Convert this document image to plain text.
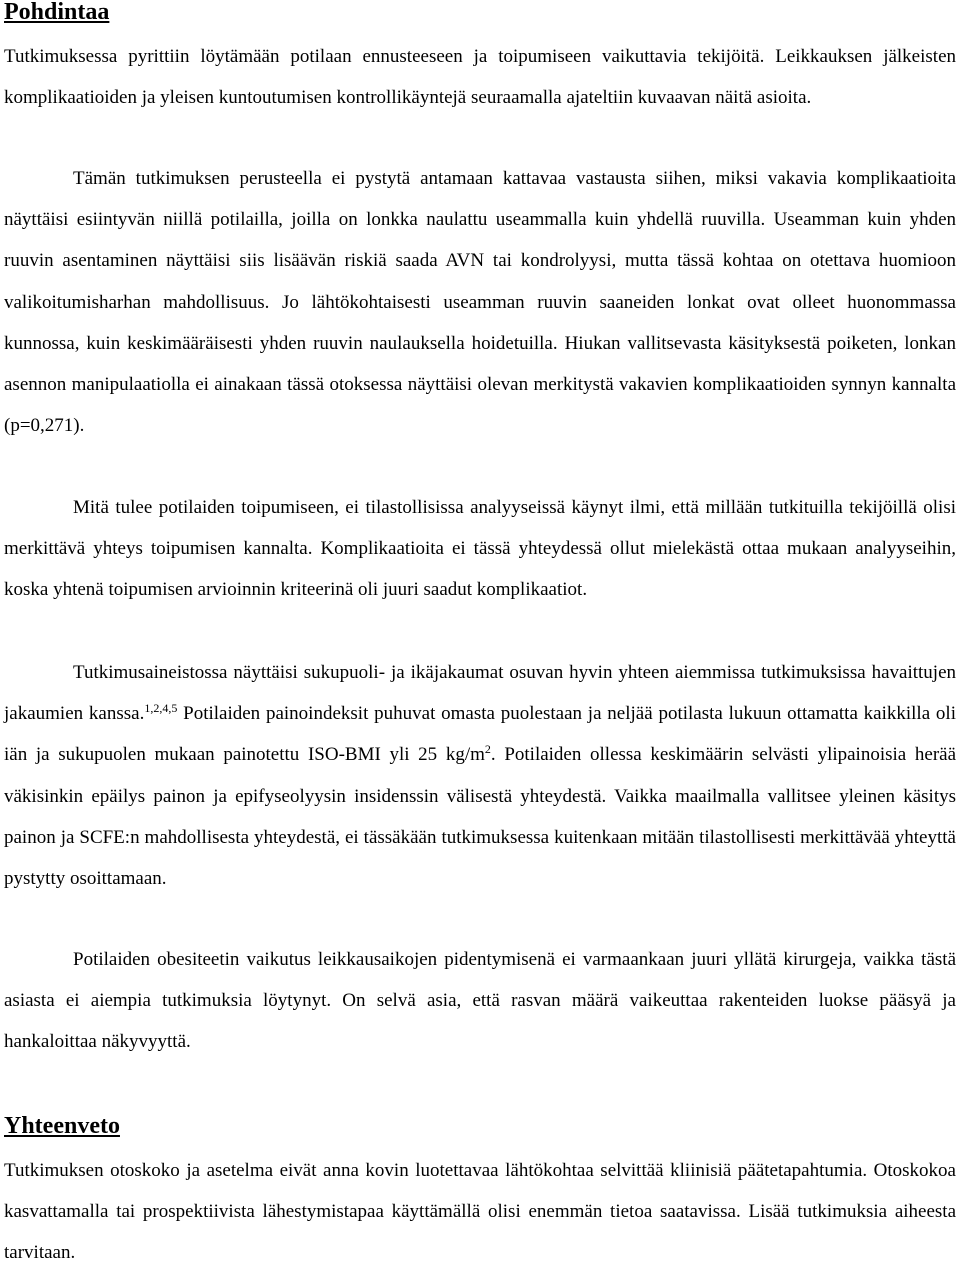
Pohdintaa

Tutkimuksessa pyrittiin löytämään potilaan ennusteeseen ja toipumiseen vaikuttavia tekijöitä. Leikkauksen jälkeisten komplikaatioiden ja yleisen kuntoutumisen kontrollikäyntejä seuraamalla ajateltiin kuvaavan näitä asioita.

Tämän tutkimuksen perusteella ei pystytä antamaan kattavaa vastausta siihen, miksi vakavia komplikaatioita näyttäisi esiintyvän niillä potilailla, joilla on lonkka naulattu useammalla kuin yhdellä ruuvilla. Useamman kuin yhden ruuvin asentaminen näyttäisi siis lisäävän riskiä saada AVN tai kondrolyysi, mutta tässä kohtaa on otettava huomioon valikoitumisharhan mahdollisuus. Jo lähtökohtaisesti useamman ruuvin saaneiden lonkat ovat olleet huonommassa kunnossa, kuin keskimääräisesti yhden ruuvin naulauksella hoidetuilla. Hiukan vallitsevasta käsityksestä poiketen, lonkan asennon manipulaatiolla ei ainakaan tässä otoksessa näyttäisi olevan merkitystä vakavien komplikaatioiden synnyn kannalta (p=0,271).

Mitä tulee potilaiden toipumiseen, ei tilastollisissa analyyseissä käynyt ilmi, että millään tutkituilla tekijöillä olisi merkittävä yhteys toipumisen kannalta. Komplikaatioita ei tässä yhteydessä ollut mielekästä ottaa mukaan analyyseihin, koska yhtenä toipumisen arvioinnin kriteerinä oli juuri saadut komplikaatiot.

Tutkimusaineistossa näyttäisi sukupuoli- ja ikäjakaumat osuvan hyvin yhteen aiemmissa tutkimuksissa havaittujen jakaumien kanssa.$^{1,2,4,5}$ Potilaiden painoindeksit puhuvat omasta puolestaan ja neljää potilasta lukuun ottamatta kaikkilla oli iän ja sukupuolen mukaan painotettu ISO-BMI yli 25 $kg/m^2$. Potilaiden ollessa keskimäärin selvästi ylipainoisia herää väkisinkin epäilys painon ja epifyseolyysin insidenssin välisestä yhteydestä. Vaikka maailmalla vallitsee yleinen käsitys painon ja SCFE:n mahdollisesta yhteydestä, ei tässäkään tutkimuksessa kuitenkaan mitään tilastollisesti merkittävää yhteyttä pystytty osoittamaan.

Potilaiden obesiteetin vaikutus leikkausaikojen pidentymisenä ei varmaankaan juuri yllätä kirurgeja, vaikka tästä asiasta ei aiempia tutkimuksia löytynyt. On selvä asia, että rasvan määrä vaikeuttaa rakenteiden luokse pääsyä ja hankaloittaa näkyvyyttä.

Yhteenveto

Tutkimuksen otoskoko ja asetelma eivät anna kovin luotettavaa lähtökohtaa selvittää kliinisiä päätetapahtumia. Otoskokoa kasvattamalla tai prospektiivista lähestymistapaa käyttämällä olisi enemmän tietoa saatavissa. Lisää tutkimuksia aiheesta tarvitaan.
